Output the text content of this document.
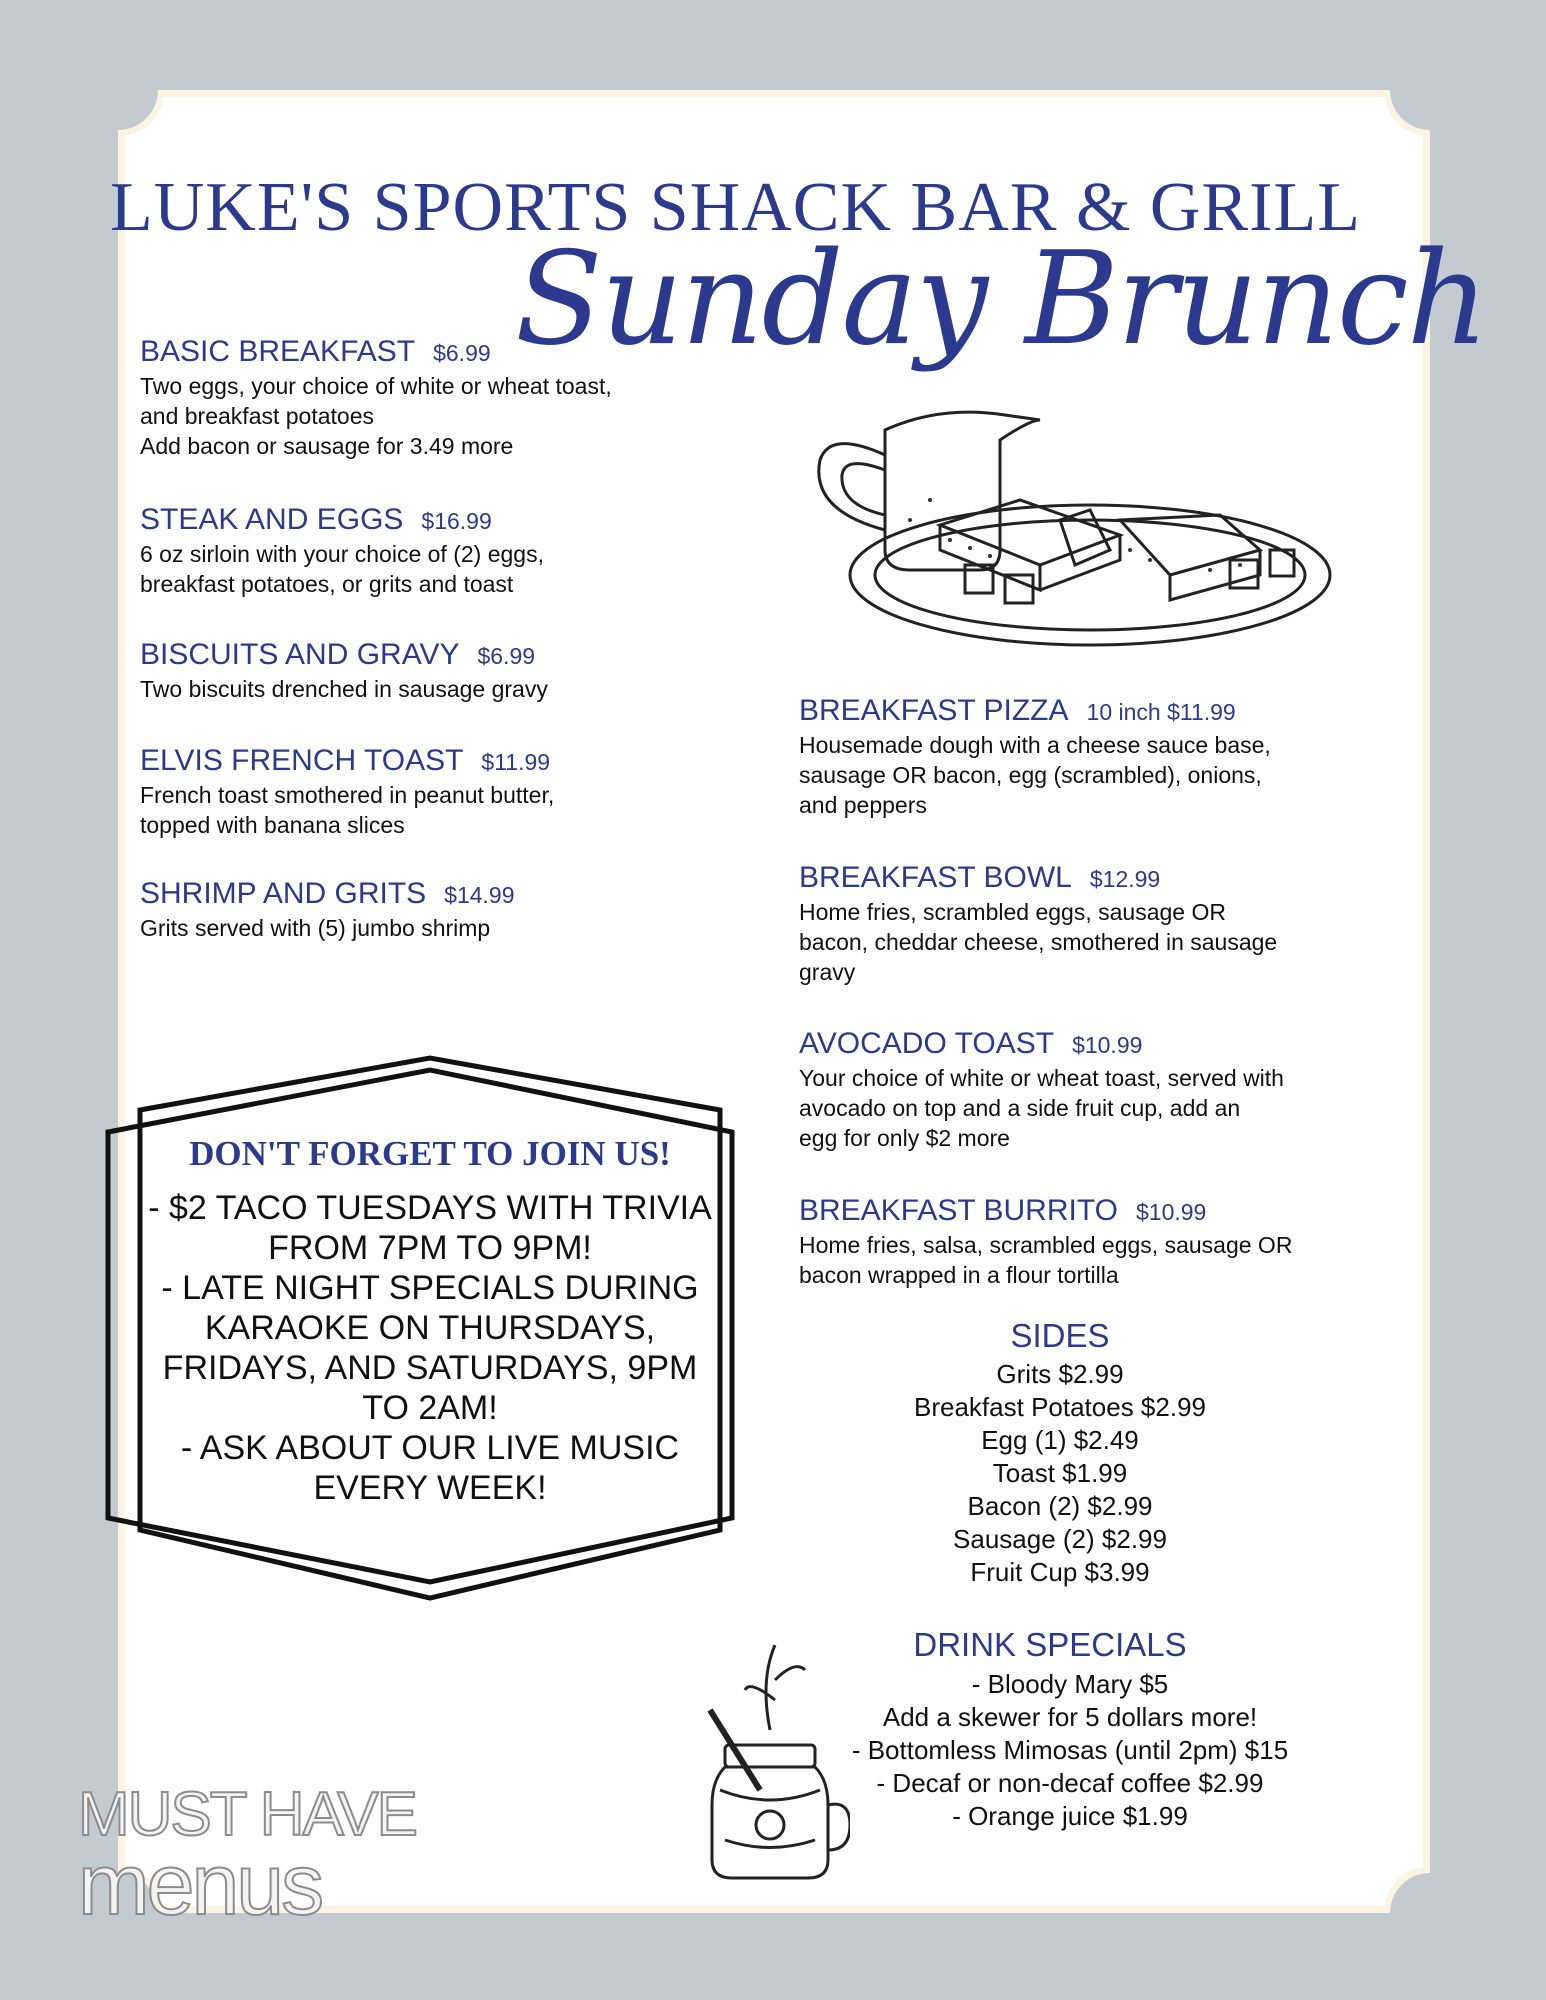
LUKE'S SPORTS SHACK BAR & GRILL
Sunday Brunch
BASIC BREAKFAST $6.99
Two eggs, your choice of white or wheat toast,
and breakfast potatoes
Add bacon or sausage for 3.49 more
STEAK AND EGGS $16.99
6 oz sirloin with your choice of (2) eggs,
breakfast potatoes, or grits and toast
BISCUITS AND GRAVY $6.99
Two biscuits drenched in sausage gravy
ELVIS FRENCH TOAST $11.99
French toast smothered in peanut butter,
topped with banana slices
SHRIMP AND GRITS $14.99
Grits served with (5) jumbo shrimp
BREAKFAST PIZZA 10 inch $11.99
Housemade dough with a cheese sauce base,
sausage OR bacon, egg (scrambled), onions,
and peppers
BREAKFAST BOWL $12.99
Home fries, scrambled eggs, sausage OR
bacon, cheddar cheese, smothered in sausage
gravy
AVOCADO TOAST $10.99
Your choice of white or wheat toast, served with
avocado on top and a side fruit cup, add an
egg for only $2 more
BREAKFAST BURRITO $10.99
Home fries, salsa, scrambled eggs, sausage OR
bacon wrapped in a flour tortilla
DON'T FORGET TO JOIN US!
- $2 TACO TUESDAYS WITH TRIVIA
FROM 7PM TO 9PM!
- LATE NIGHT SPECIALS DURING
KARAOKE ON THURSDAYS,
FRIDAYS, AND SATURDAYS, 9PM
TO 2AM!
- ASK ABOUT OUR LIVE MUSIC
EVERY WEEK!
SIDES
Grits $2.99
Breakfast Potatoes $2.99
Egg (1) $2.49
Toast $1.99
Bacon (2) $2.99
Sausage (2) $2.99
Fruit Cup $3.99
DRINK SPECIALS
- Bloody Mary $5
Add a skewer for 5 dollars more!
- Bottomless Mimosas (until 2pm) $15
- Decaf or non-decaf coffee $2.99
- Orange juice $1.99
MUST HAVE
menus
